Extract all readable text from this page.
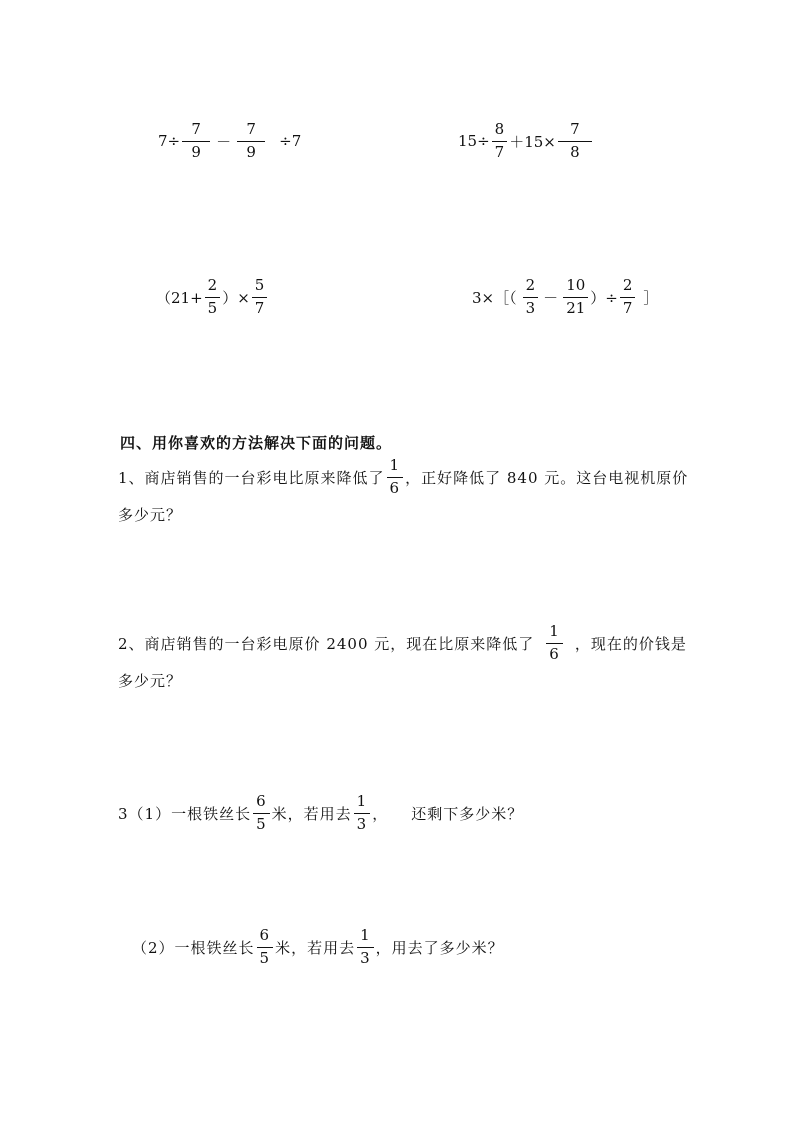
$7\div \frac{7}{9} - \frac{7}{9} \div 7$	$15\div \frac{8}{7} +15\times \frac{7}{8}$
（$21+ \frac{2}{5}$ ）× $\frac{5}{7}$	3×［（ $\frac{2}{3} - \frac{10}{21}$ ）÷ $\frac{2}{7}$ ］
四、用你喜欢的方法解决下面的问题。
1、商店销售的一台彩电比原来降低了 $\frac{1}{6}$ ，正好降低了 840 元。这台电视机原价
多少元？
2、商店销售的一台彩电原价 2400 元，现在比原来降低了 $\frac{1}{6}$ ，现在的价钱是
多少元？
3（1）一根铁丝长 $\frac{6}{5}$ 米，若用去 $\frac{1}{3}$ ，    还剩下多少米？
（2）一根铁丝长 $\frac{6}{5}$ 米，若用去 $\frac{1}{3}$ ，用去了多少米？
